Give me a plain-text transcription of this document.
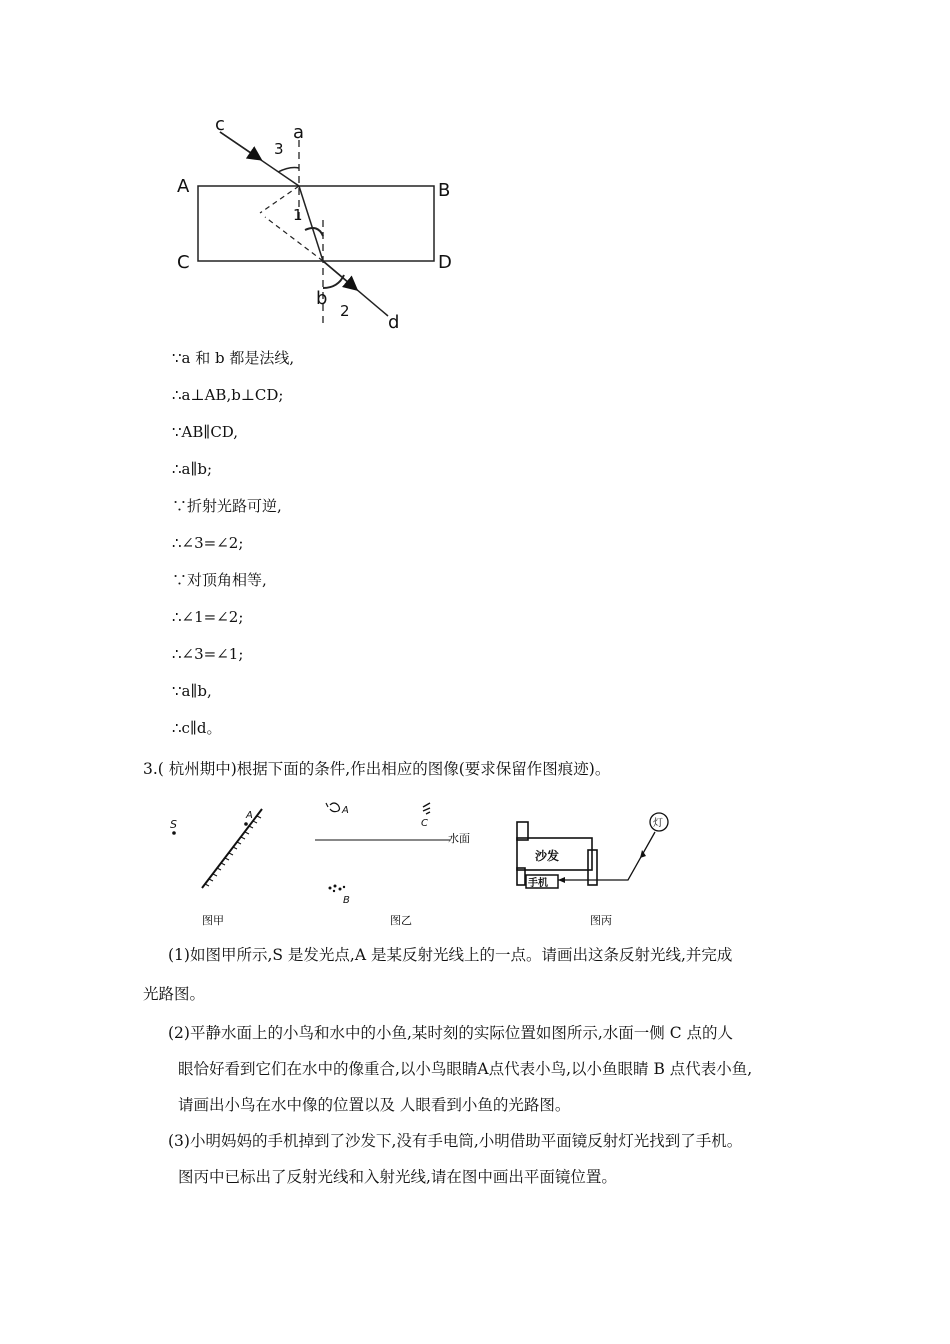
c	a
3
A	B
1
C	D
b
2
d
∵a 和 b 都是法线,
∴a⊥AB,b⊥CD;
∵AB∥CD,
∴a∥b;
∵折射光路可逆,
∴∠3=∠2;
∵对顶角相等,
∴∠1=∠2;
∴∠3=∠1;
∵a∥b,
∴c∥d。
3.( 杭州期中)根据下面的条件,作出相应的图像(要求保留作图痕迹)。
S
A
图甲
A
C
水面
B
图乙
沙发
手机
灯
图丙
(1)如图甲所示,S 是发光点,A 是某反射光线上的一点。请画出这条反射光线,并完成
光路图。
(2)平静水面上的小鸟和水中的小鱼,某时刻的实际位置如图所示,水面一侧 C 点的人
眼恰好看到它们在水中的像重合,以小鸟眼睛A点代表小鸟,以小鱼眼睛 B 点代表小鱼,
请画出小鸟在水中像的位置以及 人眼看到小鱼的光路图。
(3)小明妈妈的手机掉到了沙发下,没有手电筒,小明借助平面镜反射灯光找到了手机。
图丙中已标出了反射光线和入射光线,请在图中画出平面镜位置。
